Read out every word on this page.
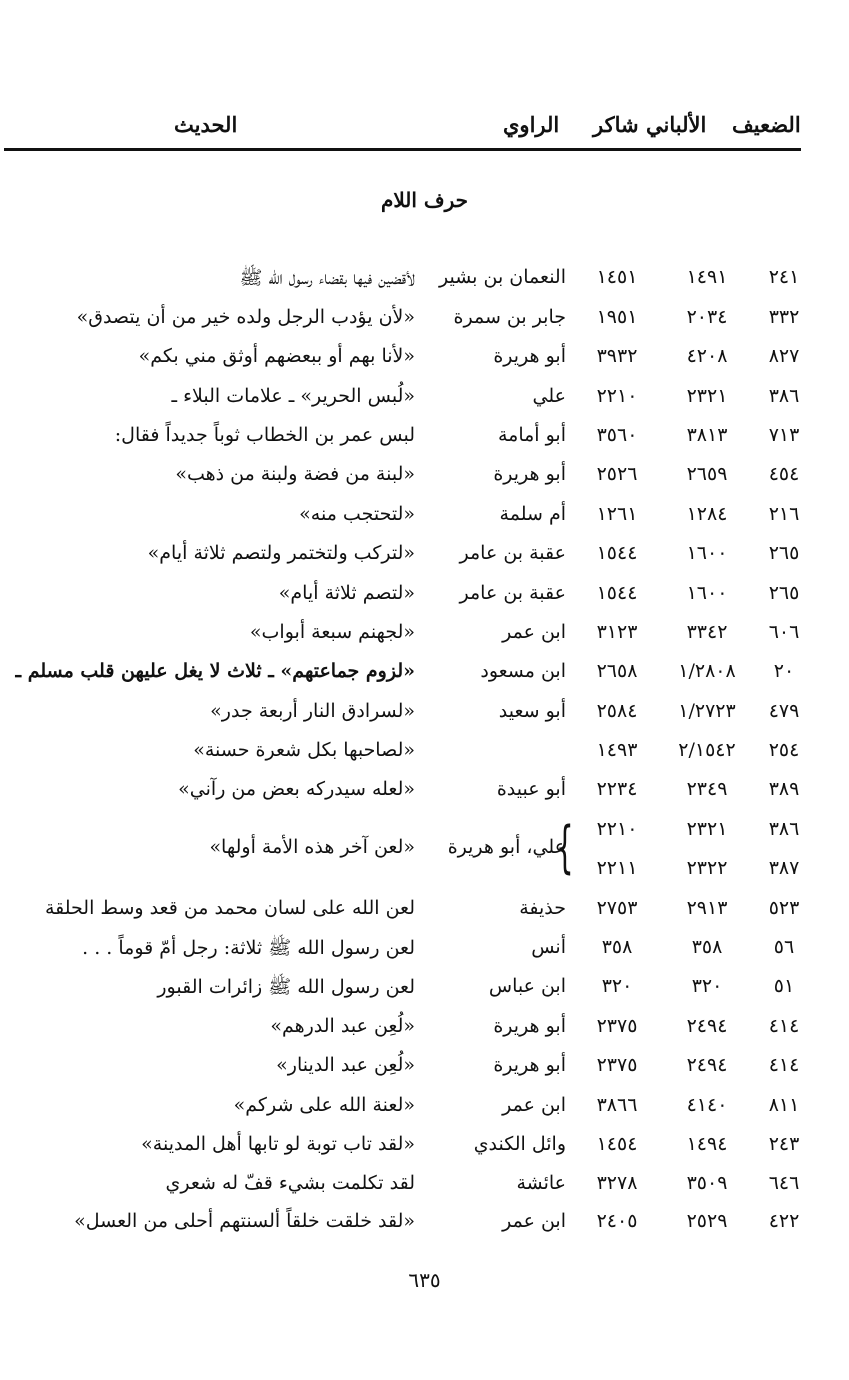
الضعيف
الألباني
شاكر
الراوي
الحديث
حرف اللام
٢٤١
١٤٩١
١٤٥١
النعمان بن بشير
لأقضين فيها بقضاء رسول الله ﷺ
٣٣٢
٢٠٣٤
١٩٥١
جابر بن سمرة
«لأن يؤدب الرجل ولده خير من أن يتصدق»
٨٢٧
٤٢٠٨
٣٩٣٢
أبو هريرة
«لأنا بهم أو ببعضهم أوثق مني بكم»
٣٨٦
٢٣٢١
٢٢١٠
علي
«لُبس الحرير» ـ علامات البلاء ـ
٧١٣
٣٨١٣
٣٥٦٠
أبو أمامة
لبس عمر بن الخطاب ثوباً جديداً فقال:
٤٥٤
٢٦٥٩
٢٥٢٦
أبو هريرة
«لبنة من فضة ولبنة من ذهب»
٢١٦
١٢٨٤
١٢٦١
أم سلمة
«لتحتجب منه»
٢٦٥
١٦٠٠
١٥٤٤
عقبة بن عامر
«لتركب ولتختمر ولتصم ثلاثة أيام»
٢٦٥
١٦٠٠
١٥٤٤
عقبة بن عامر
«لتصم ثلاثة أيام»
٦٠٦
٣٣٤٢
٣١٢٣
ابن عمر
«لجهنم سبعة أبواب»
٢٠
١/٢٨٠٨
٢٦٥٨
ابن مسعود
«لزوم جماعتهم» ـ ثلاث لا يغل عليهن قلب مسلم ـ
٤٧٩
١/٢٧٢٣
٢٥٨٤
أبو سعيد
«لسرادق النار أربعة جدر»
٢٥٤
٢/١٥٤٢
١٤٩٣
«لصاحبها بكل شعرة حسنة»
٣٨٩
٢٣٤٩
٢٢٣٤
أبو عبيدة
«لعله سيدركه بعض من رآني»
٣٨٦
٢٣٢١
٢٢١٠
٣٨٧
٢٣٢٢
٢٢١١
٥٢٣
٢٩١٣
٢٧٥٣
حذيفة
لعن الله على لسان محمد من قعد وسط الحلقة
٥٦
٣٥٨
٣٥٨
أنس
لعن رسول الله ﷺ ثلاثة: رجل أمّ قوماً . . .
٥١
٣٢٠
٣٢٠
ابن عباس
لعن رسول الله ﷺ زائرات القبور
٤١٤
٢٤٩٤
٢٣٧٥
أبو هريرة
«لُعِن عبد الدرهم»
٤١٤
٢٤٩٤
٢٣٧٥
أبو هريرة
«لُعِن عبد الدينار»
٨١١
٤١٤٠
٣٨٦٦
ابن عمر
«لعنة الله على شركم»
٢٤٣
١٤٩٤
١٤٥٤
وائل الكندي
«لقد تاب توبة لو تابها أهل المدينة»
٦٤٦
٣٥٠٩
٣٢٧٨
عائشة
لقد تكلمت بشيء قفّ له شعري
٤٢٢
٢٥٢٩
٢٤٠٥
ابن عمر
«لقد خلقت خلقاً ألسنتهم أحلى من العسل»
علي، أبو هريرة
{
«لعن آخر هذه الأمة أولها»
٦٣٥
